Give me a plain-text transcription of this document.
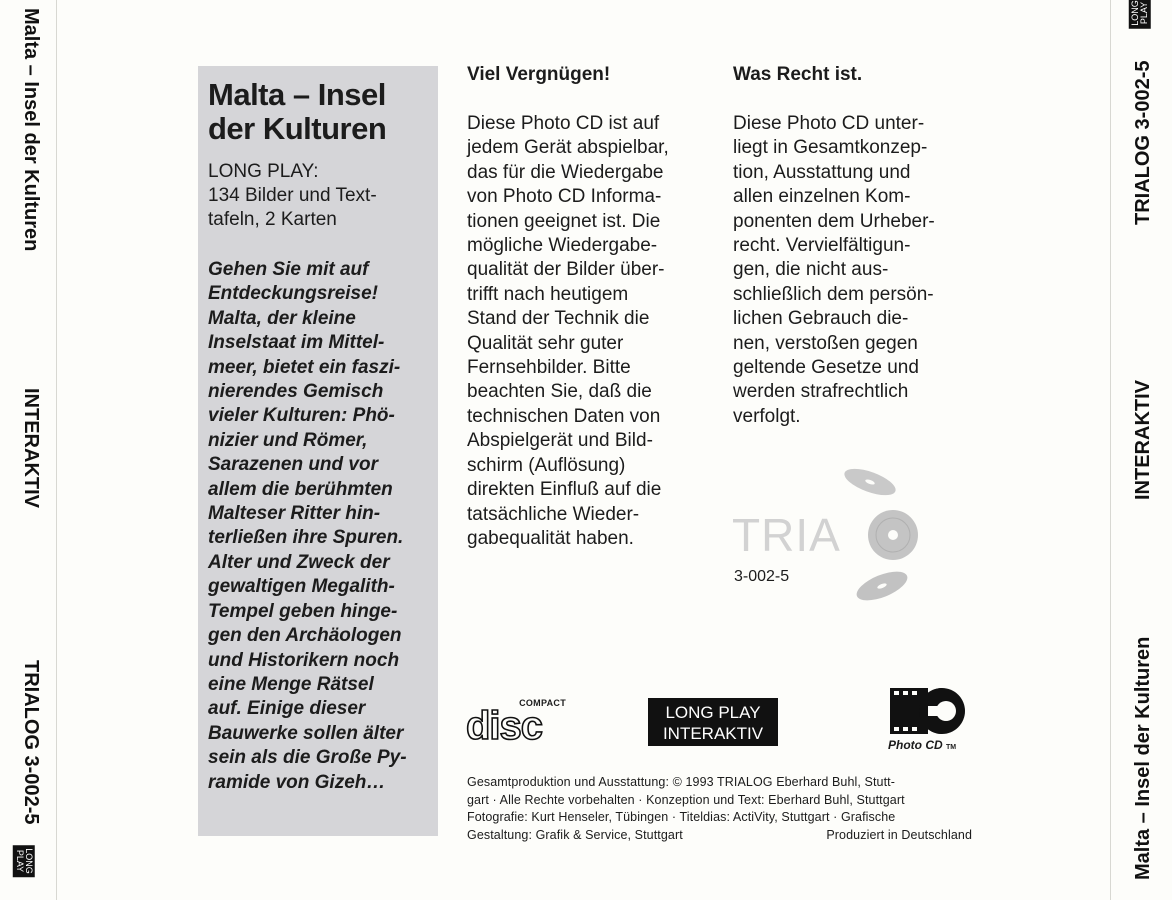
Malta – Insel der Kulturen
INTERAKTIV
TRIALOG 3-002-5
LONG
PLAY
LONG PLAY
TRIALOG 3-002-5
INTERAKTIV
Malta – Insel der Kulturen
Malta – Insel
der Kulturen
LONG PLAY:
134 Bilder und Text-
tafeln, 2 Karten
Gehen Sie mit auf
Entdeckungsreise!
Malta, der kleine
Inselstaat im Mittel-
meer, bietet ein faszi-
nierendes Gemisch
vieler Kulturen: Phö-
nizier und Römer,
Sarazenen und vor
allem die berühmten
Malteser Ritter hin-
terließen ihre Spuren.
Alter und Zweck der
gewaltigen Megalith-
Tempel geben hinge-
gen den Archäologen
und Historikern noch
eine Menge Rätsel
auf. Einige dieser
Bauwerke sollen älter
sein als die Große Py-
ramide von Gizeh…
Viel Vergnügen!
Diese Photo CD ist auf
jedem Gerät abspielbar,
das für die Wiedergabe
von Photo CD Informa-
tionen geeignet ist. Die
mögliche Wiedergabe-
qualität der Bilder über-
trifft nach heutigem
Stand der Technik die
Qualität sehr guter
Fernsehbilder. Bitte
beachten Sie, daß die
technischen Daten von
Abspielgerät und Bild-
schirm (Auflösung)
direkten Einfluß auf die
tatsächliche Wieder-
gabequalität haben.
Was Recht ist.
Diese Photo CD unter-
liegt in Gesamtkonzep-
tion, Ausstattung und
allen einzelnen Kom-
ponenten dem Urheber-
recht. Vervielfältigun-
gen, die nicht aus-
schließlich dem persön-
lichen Gebrauch die-
nen, verstoßen gegen
geltende Gesetze und
werden strafrechtlich
verfolgt.
TRIA
3-002-5
COMPACT
disc	LONG PLAY
INTERAKTIV
Photo CD TM
Gesamtproduktion und Ausstattung: © 1993 TRIALOG Eberhard Buhl, Stutt-
gart · Alle Rechte vorbehalten · Konzeption und Text: Eberhard Buhl, Stuttgart
Fotografie: Kurt Henseler, Tübingen · Titeldias: ActiVity, Stuttgart · Grafische
Gestaltung: Grafik & Service, Stuttgart	Produziert in Deutschland
